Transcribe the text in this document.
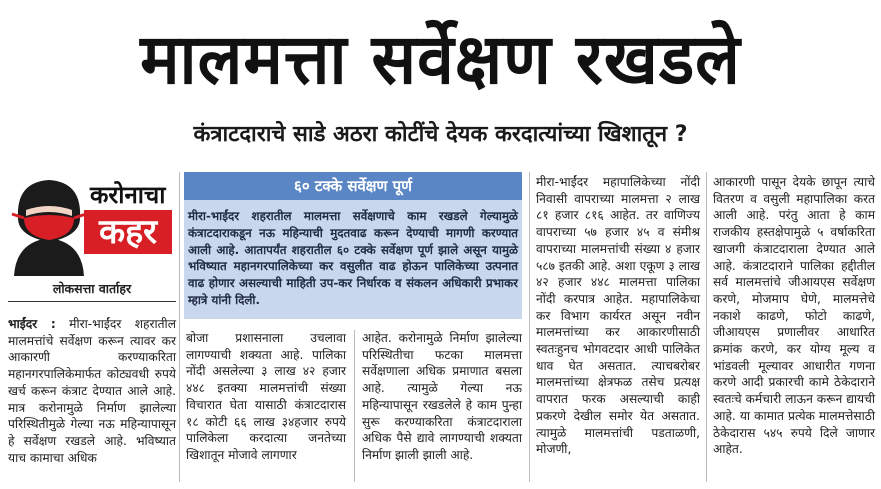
मालमत्ता सर्वेक्षण रखडले
कंत्राटदाराचे साडे अठरा कोटींचे देयक करदात्यांच्या खिशातून ?
करोनाचा
कहर
लोकसत्ता वार्ताहर
भाईंदर : मीरा-भाईंदर शहरातील मालमत्तांचे सर्वेक्षण करून त्यावर कर आकारणी करण्याकरिता महानगरपालिकेमार्फत कोट्यवधी रुपये खर्च करून कंत्राट देण्यात आले आहे. मात्र करोनामुळे निर्माण झालेल्या परिस्थितीमुळे गेल्या नऊ महिन्यापासून हे सर्वेक्षण रखडले आहे. भविष्यात याच कामाचा अधिक
६० टक्के सर्वेक्षण पूर्ण
मीरा-भाईंदर शहरातील मालमत्ता सर्वेक्षणाचे काम रखडले गेल्यामुळे कंत्राटदाराकडून नऊ महिन्याची मुदतवाढ करून देण्याची मागणी करण्यात आली आहे. आतापर्यंत शहरातील ६० टक्के सर्वेक्षण पूर्ण झाले असून यामुळे भविष्यात महानगरपालिकेच्या कर वसुलीत वाढ होऊन पालिकेच्या उत्पनात वाढ होणार असल्याची माहिती उप-कर निर्धारक व संकलन अधिकारी प्रभाकर म्हात्रे यांनी दिली.
बोजा प्रशासनाला उचलावा लागण्याची शक्यता आहे. पालिका नोंदी असलेल्या ३ लाख ४२ हजार ४४८ इतक्या मालमत्तांची संख्या विचारात घेता यासाठी कंत्राटदारास १८ कोटी ६६ लाख ३४हजार रुपये पालिकेला करदात्या जनतेच्या खिशातून मोजावे लागणार
आहेत. करोनामुळे निर्माण झालेल्या परिस्थितीचा फटका मालमत्ता सर्वेक्षणाला अधिक प्रमाणात बसला आहे. त्यामुळे गेल्या नऊ महिन्यापासून रखडलेले हे काम पुन्हा सुरू करण्याकरिता कंत्राटदाराला अधिक पैसे द्यावे लागण्याची शक्यता निर्माण झाली झाली आहे.
मीरा-भाईंदर महापालिकेच्या नोंदी निवासी वापराच्या मालमत्ता २ लाख ८१ हजार ८१६ आहेत. तर वाणिज्य वापराच्या ५७ हजार ४५ व संमीश्र वापराच्या मालमत्तांची संख्या ४ हजार ५८७ इतकी आहे. अशा एकूण ३ लाख ४२ हजार ४४८ मालमत्ता पालिका नोंदी करपात्र आहेत. महापालिकेचा कर विभाग कार्यरत असून नवीन मालमत्तांच्या कर आकारणीसाठी स्वतःहुनच भोगवटदार आधी पालिकेत धाव घेत असतात. त्याचबरोबर मालमत्तांच्या क्षेत्रफळ तसेच प्रत्यक्ष वापरात फरक असल्याची काही प्रकरणे देखील समोर येत असतात. त्यामुळे मालमत्तांची पडताळणी, मोजणी,
आकारणी पासून देयके छापून त्याचे वितरण व वसुली महापालिका करत आली आहे. परंतु आता हे काम राजकीय हस्तक्षेपामुळे ५ वर्षाकरिता खाजगी कंत्राटदाराला देण्यात आले आहे. कंत्राटदाराने पालिका हद्दीतील सर्व मालमत्तांचे जीआयएस सर्वेक्षण करणे, मोजमाप घेणे, मालमत्तेचे नकाशे काढणे, फोटो काढणे, जीआयएस प्रणालीवर आधारित क्रमांक करणे, कर योग्य मूल्य व भांडवली मूल्यावर आधारीत गणना करणे आदी प्रकारची कामे ठेकेदाराने स्वतःचे कर्मचारी लाऊन करून द्यायची आहे. या कामात प्रत्येक मालमत्तेसाठी ठेकेदारास ५४५ रुपये दिले जाणार आहेत.
